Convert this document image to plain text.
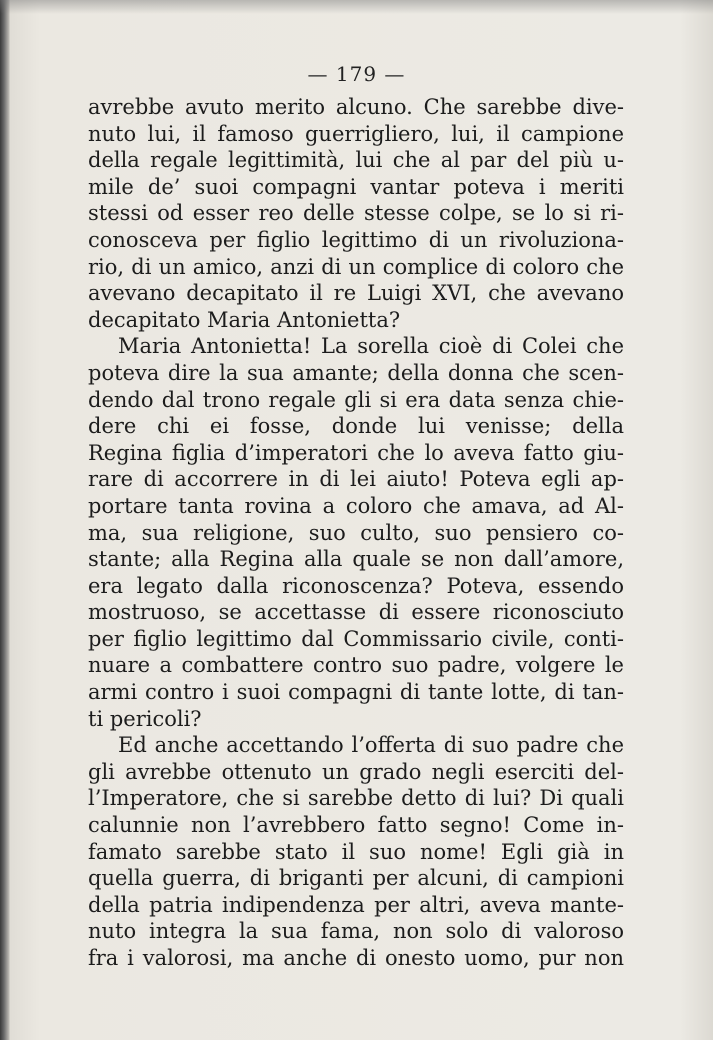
— 179 —
avrebbe avuto merito alcuno. Che sarebbe dive-
nuto lui, il famoso guerrigliero, lui, il campione
della regale legittimità, lui che al par del più u-
mile de’ suoi compagni vantar poteva i meriti
stessi od esser reo delle stesse colpe, se lo si ri-
conosceva per figlio legittimo di un rivoluziona-
rio, di un amico, anzi di un complice di coloro che
avevano decapitato il re Luigi XVI, che avevano
decapitato Maria Antonietta?
Maria Antonietta! La sorella cioè di Colei che
poteva dire la sua amante; della donna che scen-
dendo dal trono regale gli si era data senza chie-
dere chi ei fosse, donde lui venisse; della
Regina figlia d’imperatori che lo aveva fatto giu-
rare di accorrere in di lei aiuto! Poteva egli ap-
portare tanta rovina a coloro che amava, ad Al-
ma, sua religione, suo culto, suo pensiero co-
stante; alla Regina alla quale se non dall’amore,
era legato dalla riconoscenza? Poteva, essendo
mostruoso, se accettasse di essere riconosciuto
per figlio legittimo dal Commissario civile, conti-
nuare a combattere contro suo padre, volgere le
armi contro i suoi compagni di tante lotte, di tan-
ti pericoli?
Ed anche accettando l’offerta di suo padre che
gli avrebbe ottenuto un grado negli eserciti del-
l’Imperatore, che si sarebbe detto di lui? Di quali
calunnie non l’avrebbero fatto segno! Come in-
famato sarebbe stato il suo nome! Egli già in
quella guerra, di briganti per alcuni, di campioni
della patria indipendenza per altri, aveva mante-
nuto integra la sua fama, non solo di valoroso
fra i valorosi, ma anche di onesto uomo, pur non
